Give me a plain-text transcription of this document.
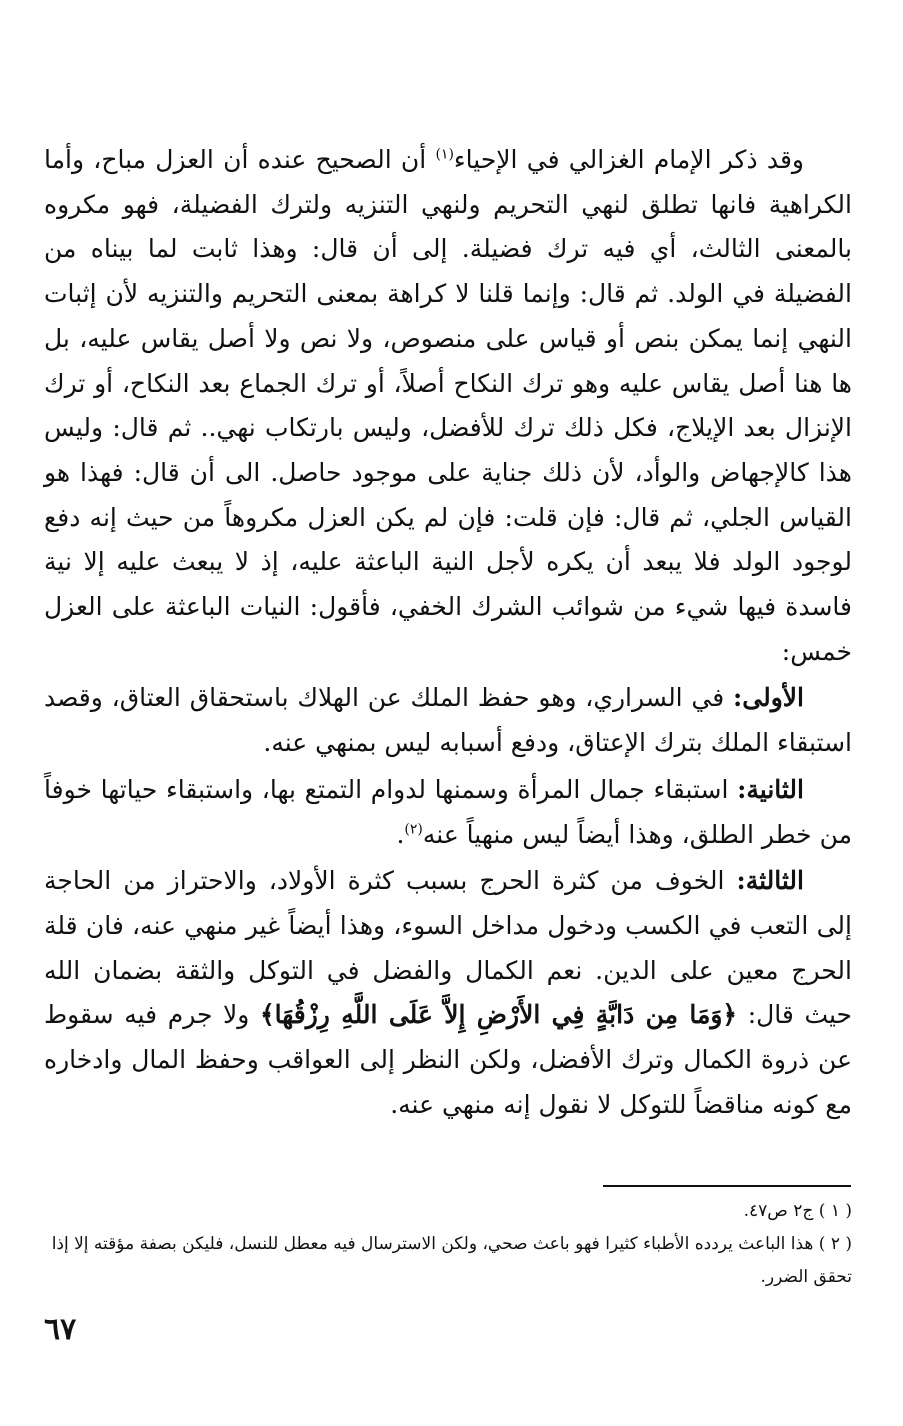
وقد ذكر الإمام الغزالي في الإحياء$^{(١)}$ أن الصحيح عنده أن العزل مباح، وأما الكراهية فانها تطلق لنهي التحريم ولنهي التنزيه ولترك الفضيلة، فهو مكروه بالمعنى الثالث، أي فيه ترك فضيلة. إلى أن قال: وهذا ثابت لما بيناه من الفضيلة في الولد. ثم قال: وإنما قلنا لا كراهة بمعنى التحريم والتنزيه لأن إثبات النهي إنما يمكن بنص أو قياس على منصوص، ولا نص ولا أصل يقاس عليه، بل ها هنا أصل يقاس عليه وهو ترك النكاح أصلاً، أو ترك الجماع بعد النكاح، أو ترك الإنزال بعد الإيلاج، فكل ذلك ترك للأفضل، وليس بارتكاب نهي.. ثم قال: وليس هذا كالإجهاض والوأد، لأن ذلك جناية على موجود حاصل. الى أن قال: فهذا هو القياس الجلي، ثم قال: فإن قلت: فإن لم يكن العزل مكروهاً من حيث إنه دفع لوجود الولد فلا يبعد أن يكره لأجل النية الباعثة عليه، إذ لا يبعث عليه إلا نية فاسدة فيها شيء من شوائب الشرك الخفي، فأقول: النيات الباعثة على العزل خمس:

الأولى: في السراري، وهو حفظ الملك عن الهلاك باستحقاق العتاق، وقصد استبقاء الملك بترك الإعتاق، ودفع أسبابه ليس بمنهي عنه.

الثانية: استبقاء جمال المرأة وسمنها لدوام التمتع بها، واستبقاء حياتها خوفاً من خطر الطلق، وهذا أيضاً ليس منهياً عنه$^{(٢)}$.

الثالثة: الخوف من كثرة الحرج بسبب كثرة الأولاد، والاحتراز من الحاجة إلى التعب في الكسب ودخول مداخل السوء، وهذا أيضاً غير منهي عنه، فان قلة الحرج معين على الدين. نعم الكمال والفضل في التوكل والثقة بضمان الله حيث قال: ﴿وَمَا مِن دَابَّةٍ فِي الأَرْضِ إِلاَّ عَلَى اللَّهِ رِزْقُهَا﴾ ولا جرم فيه سقوط عن ذروة الكمال وترك الأفضل، ولكن النظر إلى العواقب وحفظ المال وادخاره مع كونه مناقضاً للتوكل لا نقول إنه منهي عنه.

( ١ ) ج٢ ص٤٧.

( ٢ ) هذا الباعث يردده الأطباء كثيرا فهو باعث صحي، ولكن الاسترسال فيه معطل للنسل، فليكن بصفة مؤقته إلا إذا تحقق الضرر.

٦٧
